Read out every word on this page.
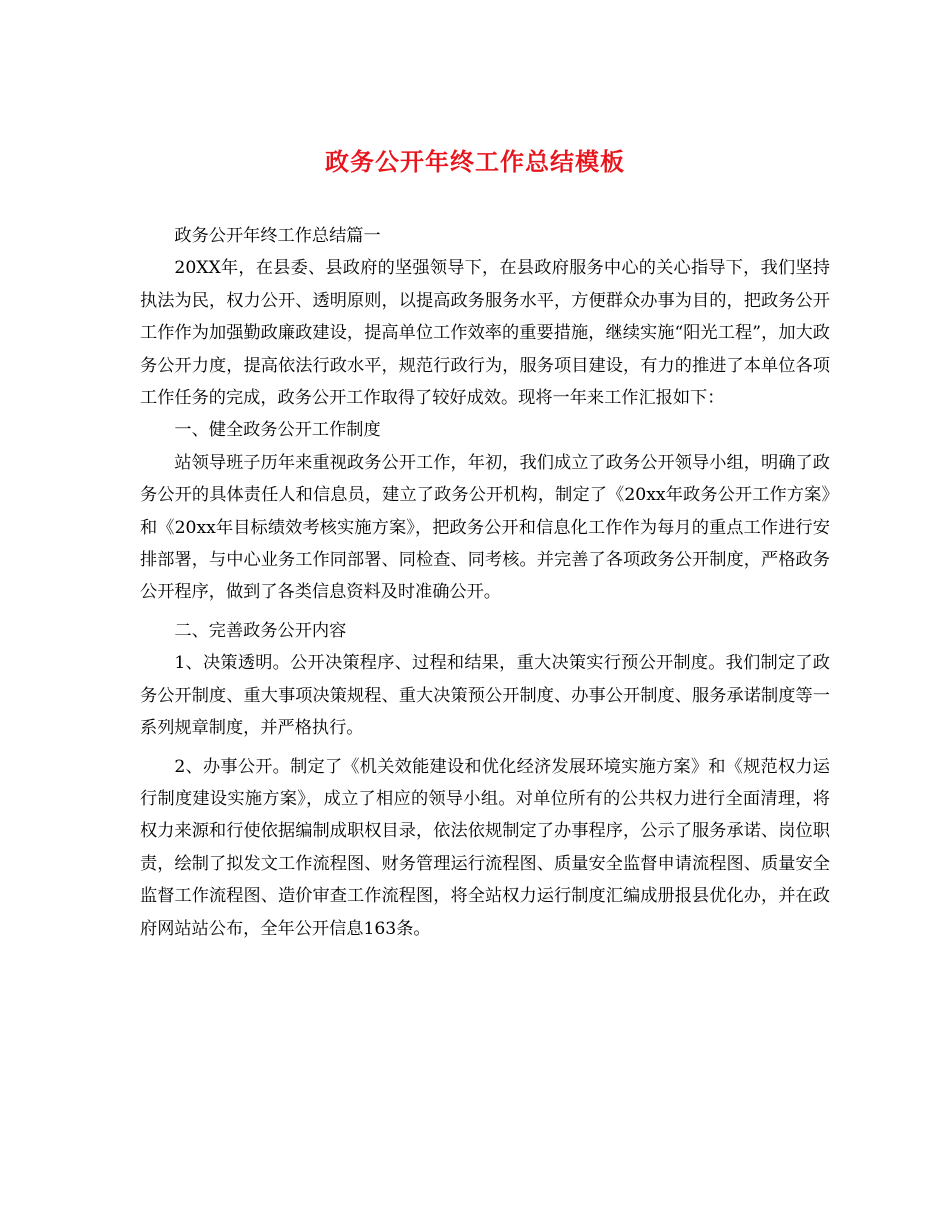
政务公开年终工作总结模板

政务公开年终工作总结篇一

20XX年，在县委、县政府的坚强领导下，在县政府服务中心的关心指导下，我们坚持执法为民，权力公开、透明原则，以提高政务服务水平，方便群众办事为目的，把政务公开工作作为加强勤政廉政建设，提高单位工作效率的重要措施，继续实施“阳光工程”，加大政务公开力度，提高依法行政水平，规范行政行为，服务项目建设，有力的推进了本单位各项工作任务的完成，政务公开工作取得了较好成效。现将一年来工作汇报如下：

一、健全政务公开工作制度

站领导班子历年来重视政务公开工作，年初，我们成立了政务公开领导小组，明确了政务公开的具体责任人和信息员，建立了政务公开机构，制定了《20xx年政务公开工作方案》和《20xx年目标绩效考核实施方案》，把政务公开和信息化工作作为每月的重点工作进行安排部署，与中心业务工作同部署、同检查、同考核。并完善了各项政务公开制度，严格政务公开程序，做到了各类信息资料及时准确公开。

二、完善政务公开内容

1、决策透明。公开决策程序、过程和结果，重大决策实行预公开制度。我们制定了政务公开制度、重大事项决策规程、重大决策预公开制度、办事公开制度、服务承诺制度等一系列规章制度，并严格执行。

2、办事公开。制定了《机关效能建设和优化经济发展环境实施方案》和《规范权力运行制度建设实施方案》，成立了相应的领导小组。对单位所有的公共权力进行全面清理，将权力来源和行使依据编制成职权目录，依法依规制定了办事程序，公示了服务承诺、岗位职责，绘制了拟发文工作流程图、财务管理运行流程图、质量安全监督申请流程图、质量安全监督工作流程图、造价审查工作流程图，将全站权力运行制度汇编成册报县优化办，并在政府网站站公布，全年公开信息163条。
